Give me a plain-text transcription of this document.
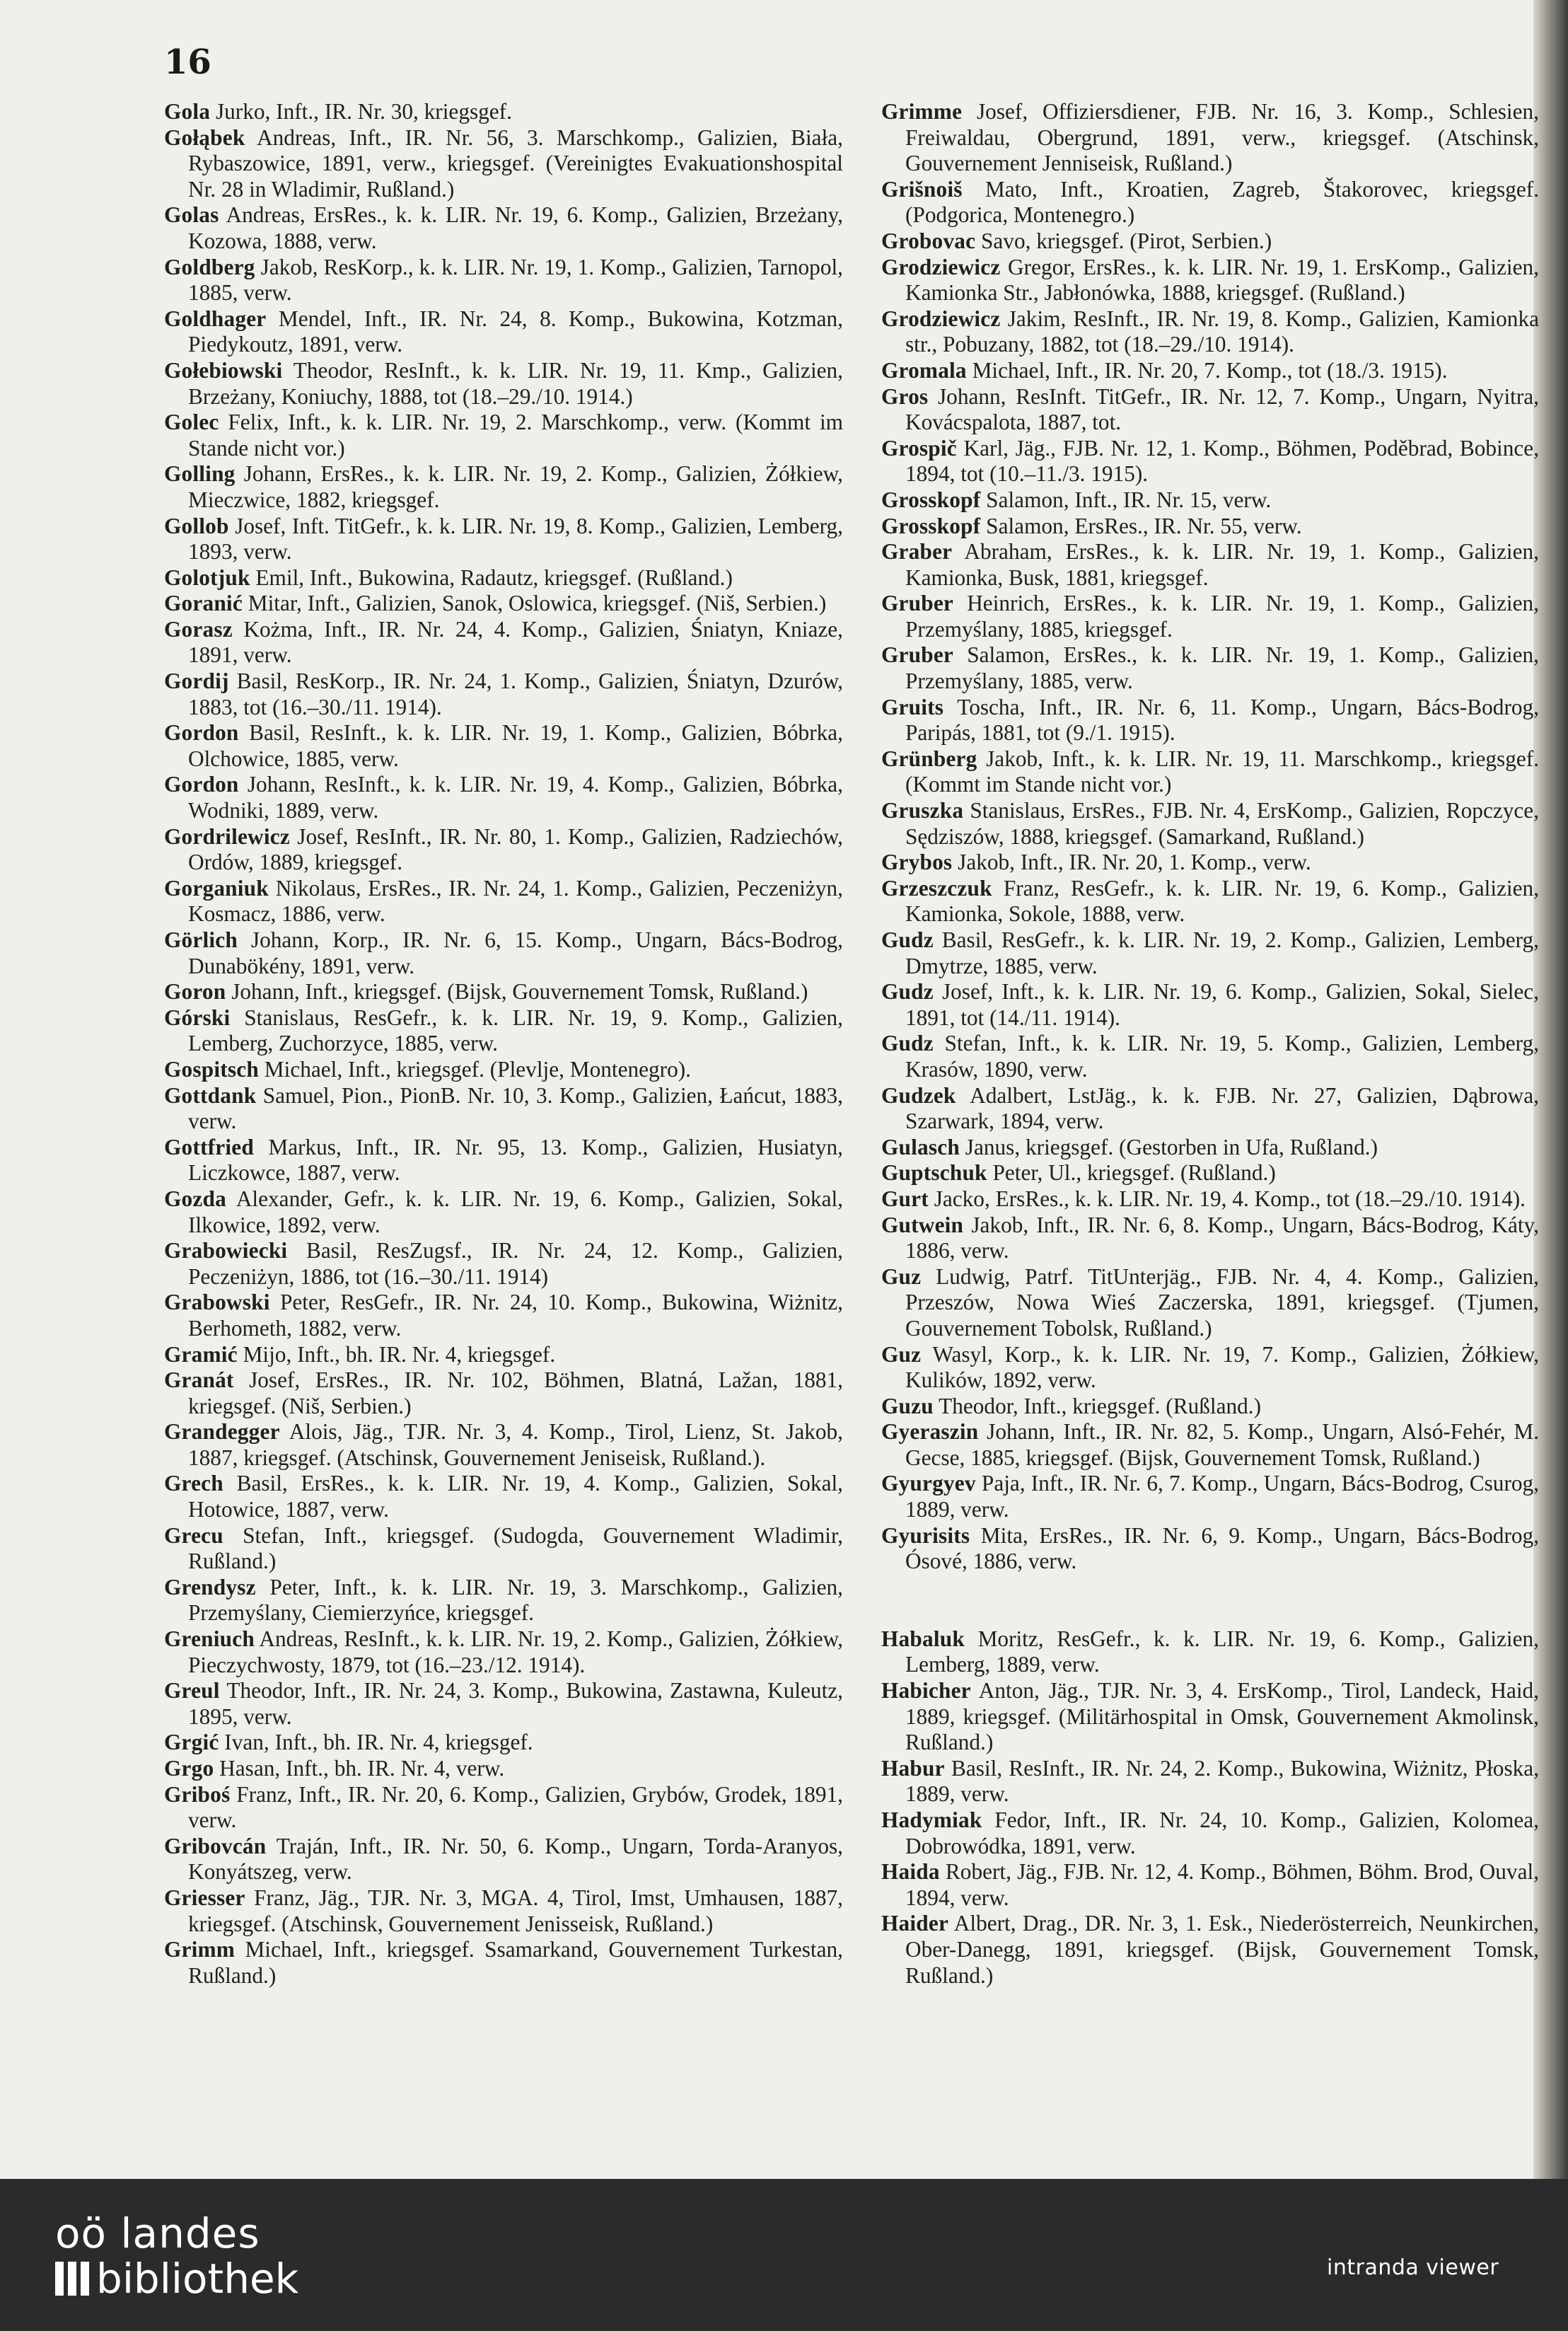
16

Gola Jurko, Inft., IR. Nr. 30, kriegsgef.

Gołąbek Andreas, Inft., IR. Nr. 56, 3. Marschkomp., Galizien, Biała, Rybaszowice, 1891, verw., kriegsgef. (Vereinigtes Evakuationshospital Nr. 28 in Wladimir, Rußland.)

Golas Andreas, ErsRes., k. k. LIR. Nr. 19, 6. Komp., Galizien, Brzeżany, Kozowa, 1888, verw.

Goldberg Jakob, ResKorp., k. k. LIR. Nr. 19, 1. Komp., Galizien, Tarnopol, 1885, verw.

Goldhager Mendel, Inft., IR. Nr. 24, 8. Komp., Bukowina, Kotzman, Piedykoutz, 1891, verw.

Gołebiowski Theodor, ResInft., k. k. LIR. Nr. 19, 11. Kmp., Galizien, Brzeżany, Koniuchy, 1888, tot (18.–29./10. 1914.)

Golec Felix, Inft., k. k. LIR. Nr. 19, 2. Marschkomp., verw. (Kommt im Stande nicht vor.)

Golling Johann, ErsRes., k. k. LIR. Nr. 19, 2. Komp., Galizien, Żółkiew, Mieczwice, 1882, kriegsgef.

Gollob Josef, Inft. TitGefr., k. k. LIR. Nr. 19, 8. Komp., Galizien, Lemberg, 1893, verw.

Golotjuk Emil, Inft., Bukowina, Radautz, kriegsgef. (Rußland.)

Goranić Mitar, Inft., Galizien, Sanok, Oslowica, kriegsgef. (Niš, Serbien.)

Gorasz Kożma, Inft., IR. Nr. 24, 4. Komp., Galizien, Śniatyn, Kniaze, 1891, verw.

Gordij Basil, ResKorp., IR. Nr. 24, 1. Komp., Galizien, Śniatyn, Dzurów, 1883, tot (16.–30./11. 1914).

Gordon Basil, ResInft., k. k. LIR. Nr. 19, 1. Komp., Galizien, Bóbrka, Olchowice, 1885, verw.

Gordon Johann, ResInft., k. k. LIR. Nr. 19, 4. Komp., Galizien, Bóbrka, Wodniki, 1889, verw.

Gordrilewicz Josef, ResInft., IR. Nr. 80, 1. Komp., Galizien, Radziechów, Ordów, 1889, kriegsgef.

Gorganiuk Nikolaus, ErsRes., IR. Nr. 24, 1. Komp., Galizien, Peczeniżyn, Kosmacz, 1886, verw.

Görlich Johann, Korp., IR. Nr. 6, 15. Komp., Ungarn, Bács-Bodrog, Dunabökény, 1891, verw.

Goron Johann, Inft., kriegsgef. (Bijsk, Gouvernement Tomsk, Rußland.)

Górski Stanislaus, ResGefr., k. k. LIR. Nr. 19, 9. Komp., Galizien, Lemberg, Zuchorzyce, 1885, verw.

Gospitsch Michael, Inft., kriegsgef. (Plevlje, Montenegro).

Gottdank Samuel, Pion., PionB. Nr. 10, 3. Komp., Galizien, Łańcut, 1883, verw.

Gottfried Markus, Inft., IR. Nr. 95, 13. Komp., Galizien, Husiatyn, Liczkowce, 1887, verw.

Gozda Alexander, Gefr., k. k. LIR. Nr. 19, 6. Komp., Galizien, Sokal, Ilkowice, 1892, verw.

Grabowiecki Basil, ResZugsf., IR. Nr. 24, 12. Komp., Galizien, Peczeniżyn, 1886, tot (16.–30./11. 1914)

Grabowski Peter, ResGefr., IR. Nr. 24, 10. Komp., Bukowina, Wiżnitz, Berhometh, 1882, verw.

Gramić Mijo, Inft., bh. IR. Nr. 4, kriegsgef.

Granát Josef, ErsRes., IR. Nr. 102, Böhmen, Blatná, Lažan, 1881, kriegsgef. (Niš, Serbien.)

Grandegger Alois, Jäg., TJR. Nr. 3, 4. Komp., Tirol, Lienz, St. Jakob, 1887, kriegsgef. (Atschinsk, Gouvernement Jeniseisk, Rußland.).

Grech Basil, ErsRes., k. k. LIR. Nr. 19, 4. Komp., Galizien, Sokal, Hotowice, 1887, verw.

Grecu Stefan, Inft., kriegsgef. (Sudogda, Gouvernement Wladimir, Rußland.)

Grendysz Peter, Inft., k. k. LIR. Nr. 19, 3. Marschkomp., Galizien, Przemyślany, Ciemierzyńce, kriegsgef.

Greniuch Andreas, ResInft., k. k. LIR. Nr. 19, 2. Komp., Galizien, Żółkiew, Pieczychwosty, 1879, tot (16.–23./12. 1914).

Greul Theodor, Inft., IR. Nr. 24, 3. Komp., Bukowina, Zastawna, Kuleutz, 1895, verw.

Grgić Ivan, Inft., bh. IR. Nr. 4, kriegsgef.

Grgo Hasan, Inft., bh. IR. Nr. 4, verw.

Griboś Franz, Inft., IR. Nr. 20, 6. Komp., Galizien, Grybów, Grodek, 1891, verw.

Gribovcán Traján, Inft., IR. Nr. 50, 6. Komp., Ungarn, Torda-Aranyos, Konyátszeg, verw.

Griesser Franz, Jäg., TJR. Nr. 3, MGA. 4, Tirol, Imst, Umhausen, 1887, kriegsgef. (Atschinsk, Gouvernement Jenisseisk, Rußland.)

Grimm Michael, Inft., kriegsgef. Ssamarkand, Gouvernement Turkestan, Rußland.)

Grimme Josef, Offiziersdiener, FJB. Nr. 16, 3. Komp., Schlesien, Freiwaldau, Obergrund, 1891, verw., kriegsgef. (Atschinsk, Gouvernement Jenniseisk, Rußland.)

Grišnoiš Mato, Inft., Kroatien, Zagreb, Štakorovec, kriegsgef. (Podgorica, Montenegro.)

Grobovac Savo, kriegsgef. (Pirot, Serbien.)

Grodziewicz Gregor, ErsRes., k. k. LIR. Nr. 19, 1. ErsKomp., Galizien, Kamionka Str., Jabłonówka, 1888, kriegsgef. (Rußland.)

Grodziewicz Jakim, ResInft., IR. Nr. 19, 8. Komp., Galizien, Kamionka str., Pobuzany, 1882, tot (18.–29./10. 1914).

Gromala Michael, Inft., IR. Nr. 20, 7. Komp., tot (18./3. 1915).

Gros Johann, ResInft. TitGefr., IR. Nr. 12, 7. Komp., Ungarn, Nyitra, Kovácspalota, 1887, tot.

Grospič Karl, Jäg., FJB. Nr. 12, 1. Komp., Böhmen, Poděbrad, Bobince, 1894, tot (10.–11./3. 1915).

Grosskopf Salamon, Inft., IR. Nr. 15, verw.

Grosskopf Salamon, ErsRes., IR. Nr. 55, verw.

Graber Abraham, ErsRes., k. k. LIR. Nr. 19, 1. Komp., Galizien, Kamionka, Busk, 1881, kriegsgef.

Gruber Heinrich, ErsRes., k. k. LIR. Nr. 19, 1. Komp., Galizien, Przemyślany, 1885, kriegsgef.

Gruber Salamon, ErsRes., k. k. LIR. Nr. 19, 1. Komp., Galizien, Przemyślany, 1885, verw.

Gruits Toscha, Inft., IR. Nr. 6, 11. Komp., Ungarn, Bács-Bodrog, Paripás, 1881, tot (9./1. 1915).

Grünberg Jakob, Inft., k. k. LIR. Nr. 19, 11. Marschkomp., kriegsgef. (Kommt im Stande nicht vor.)

Gruszka Stanislaus, ErsRes., FJB. Nr. 4, ErsKomp., Galizien, Ropczyce, Sędziszów, 1888, kriegsgef. (Samarkand, Rußland.)

Grybos Jakob, Inft., IR. Nr. 20, 1. Komp., verw.

Grzeszczuk Franz, ResGefr., k. k. LIR. Nr. 19, 6. Komp., Galizien, Kamionka, Sokole, 1888, verw.

Gudz Basil, ResGefr., k. k. LIR. Nr. 19, 2. Komp., Galizien, Lemberg, Dmytrze, 1885, verw.

Gudz Josef, Inft., k. k. LIR. Nr. 19, 6. Komp., Galizien, Sokal, Sielec, 1891, tot (14./11. 1914).

Gudz Stefan, Inft., k. k. LIR. Nr. 19, 5. Komp., Galizien, Lemberg, Krasów, 1890, verw.

Gudzek Adalbert, LstJäg., k. k. FJB. Nr. 27, Galizien, Dąbrowa, Szarwark, 1894, verw.

Gulasch Janus, kriegsgef. (Gestorben in Ufa, Rußland.)

Guptschuk Peter, Ul., kriegsgef. (Rußland.)

Gurt Jacko, ErsRes., k. k. LIR. Nr. 19, 4. Komp., tot (18.–29./10. 1914).

Gutwein Jakob, Inft., IR. Nr. 6, 8. Komp., Ungarn, Bács-Bodrog, Káty, 1886, verw.

Guz Ludwig, Patrf. TitUnterjäg., FJB. Nr. 4, 4. Komp., Galizien, Przeszów, Nowa Wieś Zaczerska, 1891, kriegsgef. (Tjumen, Gouvernement Tobolsk, Rußland.)

Guz Wasyl, Korp., k. k. LIR. Nr. 19, 7. Komp., Galizien, Żółkiew, Kulików, 1892, verw.

Guzu Theodor, Inft., kriegsgef. (Rußland.)

Gyeraszin Johann, Inft., IR. Nr. 82, 5. Komp., Ungarn, Alsó-Fehér, M. Gecse, 1885, kriegsgef. (Bijsk, Gouvernement Tomsk, Rußland.)

Gyurgyev Paja, Inft., IR. Nr. 6, 7. Komp., Ungarn, Bács-Bodrog, Csurog, 1889, verw.

Gyurisits Mita, ErsRes., IR. Nr. 6, 9. Komp., Ungarn, Bács-Bodrog, Ósové, 1886, verw.

Habaluk Moritz, ResGefr., k. k. LIR. Nr. 19, 6. Komp., Galizien, Lemberg, 1889, verw.

Habicher Anton, Jäg., TJR. Nr. 3, 4. ErsKomp., Tirol, Landeck, Haid, 1889, kriegsgef. (Militärhospital in Omsk, Gouvernement Akmolinsk, Rußland.)

Habur Basil, ResInft., IR. Nr. 24, 2. Komp., Bukowina, Wiżnitz, Płoska, 1889, verw.

Hadymiak Fedor, Inft., IR. Nr. 24, 10. Komp., Galizien, Kolomea, Dobrowódka, 1891, verw.

Haida Robert, Jäg., FJB. Nr. 12, 4. Komp., Böhmen, Böhm. Brod, Ouval, 1894, verw.

Haider Albert, Drag., DR. Nr. 3, 1. Esk., Niederösterreich, Neunkirchen, Ober-Danegg, 1891, kriegsgef. (Bijsk, Gouvernement Tomsk, Rußland.)

oö landes
bibliothek	intranda viewer
